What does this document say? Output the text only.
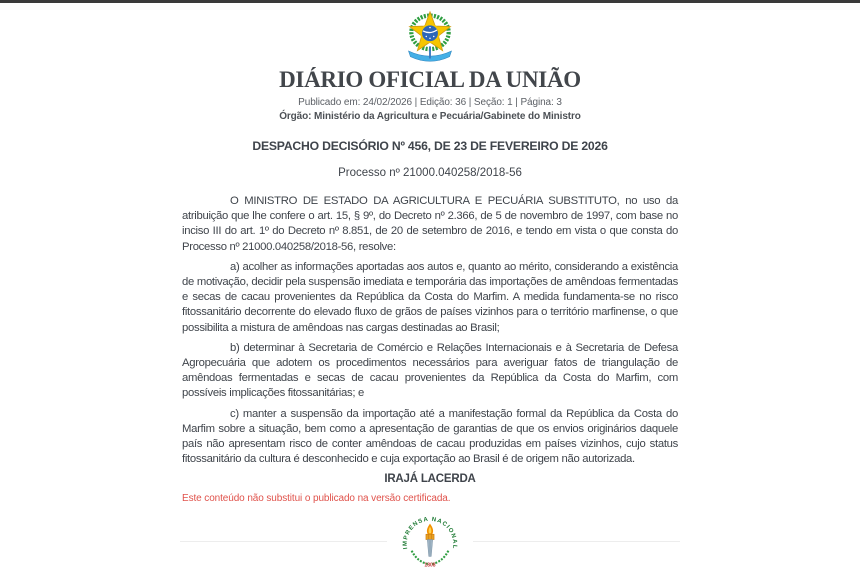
DIÁRIO OFICIAL DA UNIÃO
Publicado em: 24/02/2026 | Edição: 36 | Seção: 1 | Página: 3
Órgão: Ministério da Agricultura e Pecuária/Gabinete do Ministro
DESPACHO DECISÓRIO Nº 456, DE 23 DE FEVEREIRO DE 2026

Processo nº 21000.040258/2018-56

O MINISTRO DE ESTADO DA AGRICULTURA E PECUÁRIA SUBSTITUTO, no uso da atribuição que lhe confere o art. 15, § 9º, do Decreto nº 2.366, de 5 de novembro de 1997, com base no inciso III do art. 1º do Decreto nº 8.851, de 20 de setembro de 2016, e tendo em vista o que consta do Processo nº 21000.040258/2018-56, resolve:

a) acolher as informações aportadas aos autos e, quanto ao mérito, considerando a existência de motivação, decidir pela suspensão imediata e temporária das importações de amêndoas fermentadas e secas de cacau provenientes da República da Costa do Marfim. A medida fundamenta-se no risco fitossanitário decorrente do elevado fluxo de grãos de países vizinhos para o território marfinense, o que possibilita a mistura de amêndoas nas cargas destinadas ao Brasil;

b) determinar à Secretaria de Comércio e Relações Internacionais e à Secretaria de Defesa Agropecuária que adotem os procedimentos necessários para averiguar fatos de triangulação de amêndoas fermentadas e secas de cacau provenientes da República da Costa do Marfim, com possíveis implicações fitossanitárias; e

c) manter a suspensão da importação até a manifestação formal da República da Costa do Marfim sobre a situação, bem como a apresentação de garantias de que os envios originários daquele país não apresentam risco de conter amêndoas de cacau produzidas em países vizinhos, cujo status fitossanitário da cultura é desconhecido e cuja exportação ao Brasil é de origem não autorizada.

IRAJÁ LACERDA

Este conteúdo não substitui o publicado na versão certificada.

IMPRENSA NACIONAL
1808
